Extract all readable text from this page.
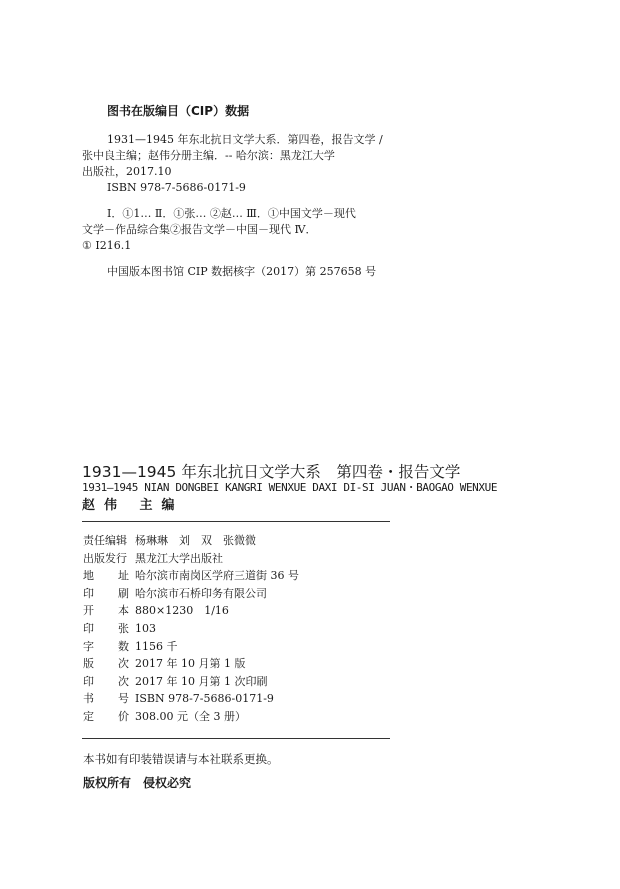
图书在版编目（CIP）数据
1931—1945 年东北抗日文学大系．第四卷，报告文学 /
张中良主编；赵伟分册主编．-- 哈尔滨：黑龙江大学
出版社，2017.10
ISBN 978-7-5686-0171-9
Ⅰ．①1… Ⅱ．①张… ②赵… Ⅲ．①中国文学－现代
文学－作品综合集②报告文学－中国－现代 Ⅳ．
① I216.1
中国版本图书馆 CIP 数据核字（2017）第 257658 号
1931—1945 年东北抗日文学大系　第四卷・报告文学
1931—1945 NIAN DONGBEI KANGRI WENXUE DAXI DI-SI JUAN・BAOGAO WENXUE
赵伟 主编
责任编辑 杨琳琳　刘　双　张微微
出版发行 黑龙江大学出版社
地 址 哈尔滨市南岗区学府三道街 36 号
印 刷 哈尔滨市石桥印务有限公司
开 本 880×1230　1/16
印 张 103
字 数 1156 千
版 次 2017 年 10 月第 1 版
印 次 2017 年 10 月第 1 次印刷
书 号 ISBN 978-7-5686-0171-9
定 价 308.00 元（全 3 册）
本书如有印装错误请与本社联系更换。
版权所有　侵权必究
